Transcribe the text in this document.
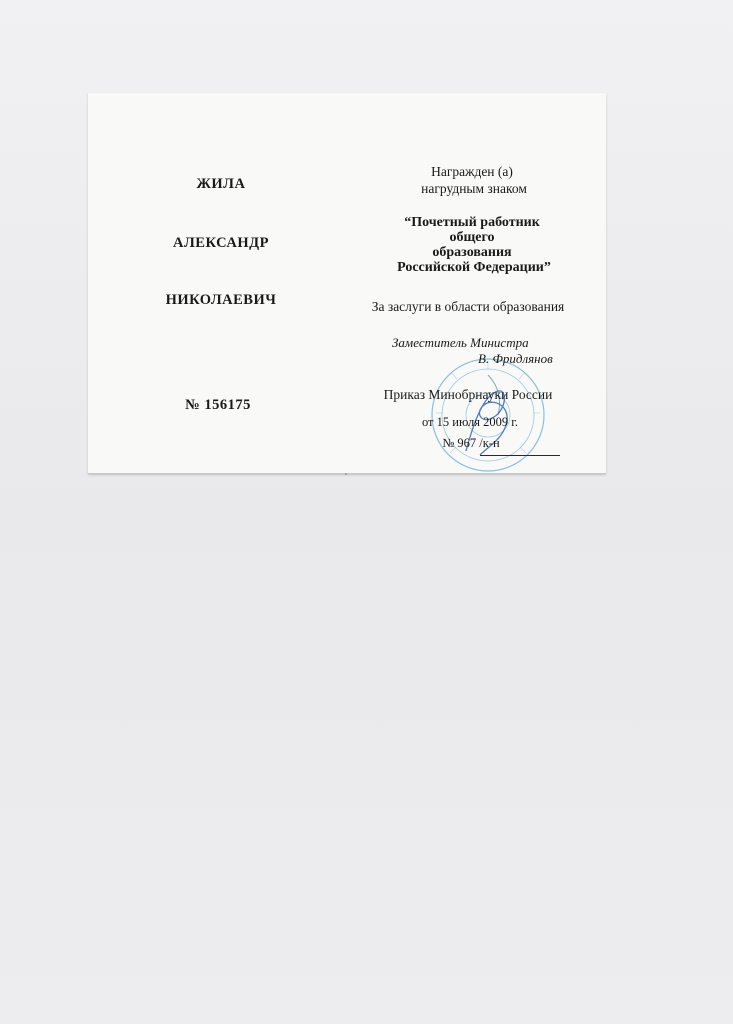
ЖИЛА
АЛЕКСАНДР
НИКОЛАЕВИЧ
№ 156175
Награжден (а)
нагрудным знаком
“Почетный работник
общего
образования
Российской Федерации”
За заслуги в области образования
Заместитель Министра
В. Фридлянов
Приказ Минобрнауки России
от 15 июля 2009 г.
№ 967 /к-н
